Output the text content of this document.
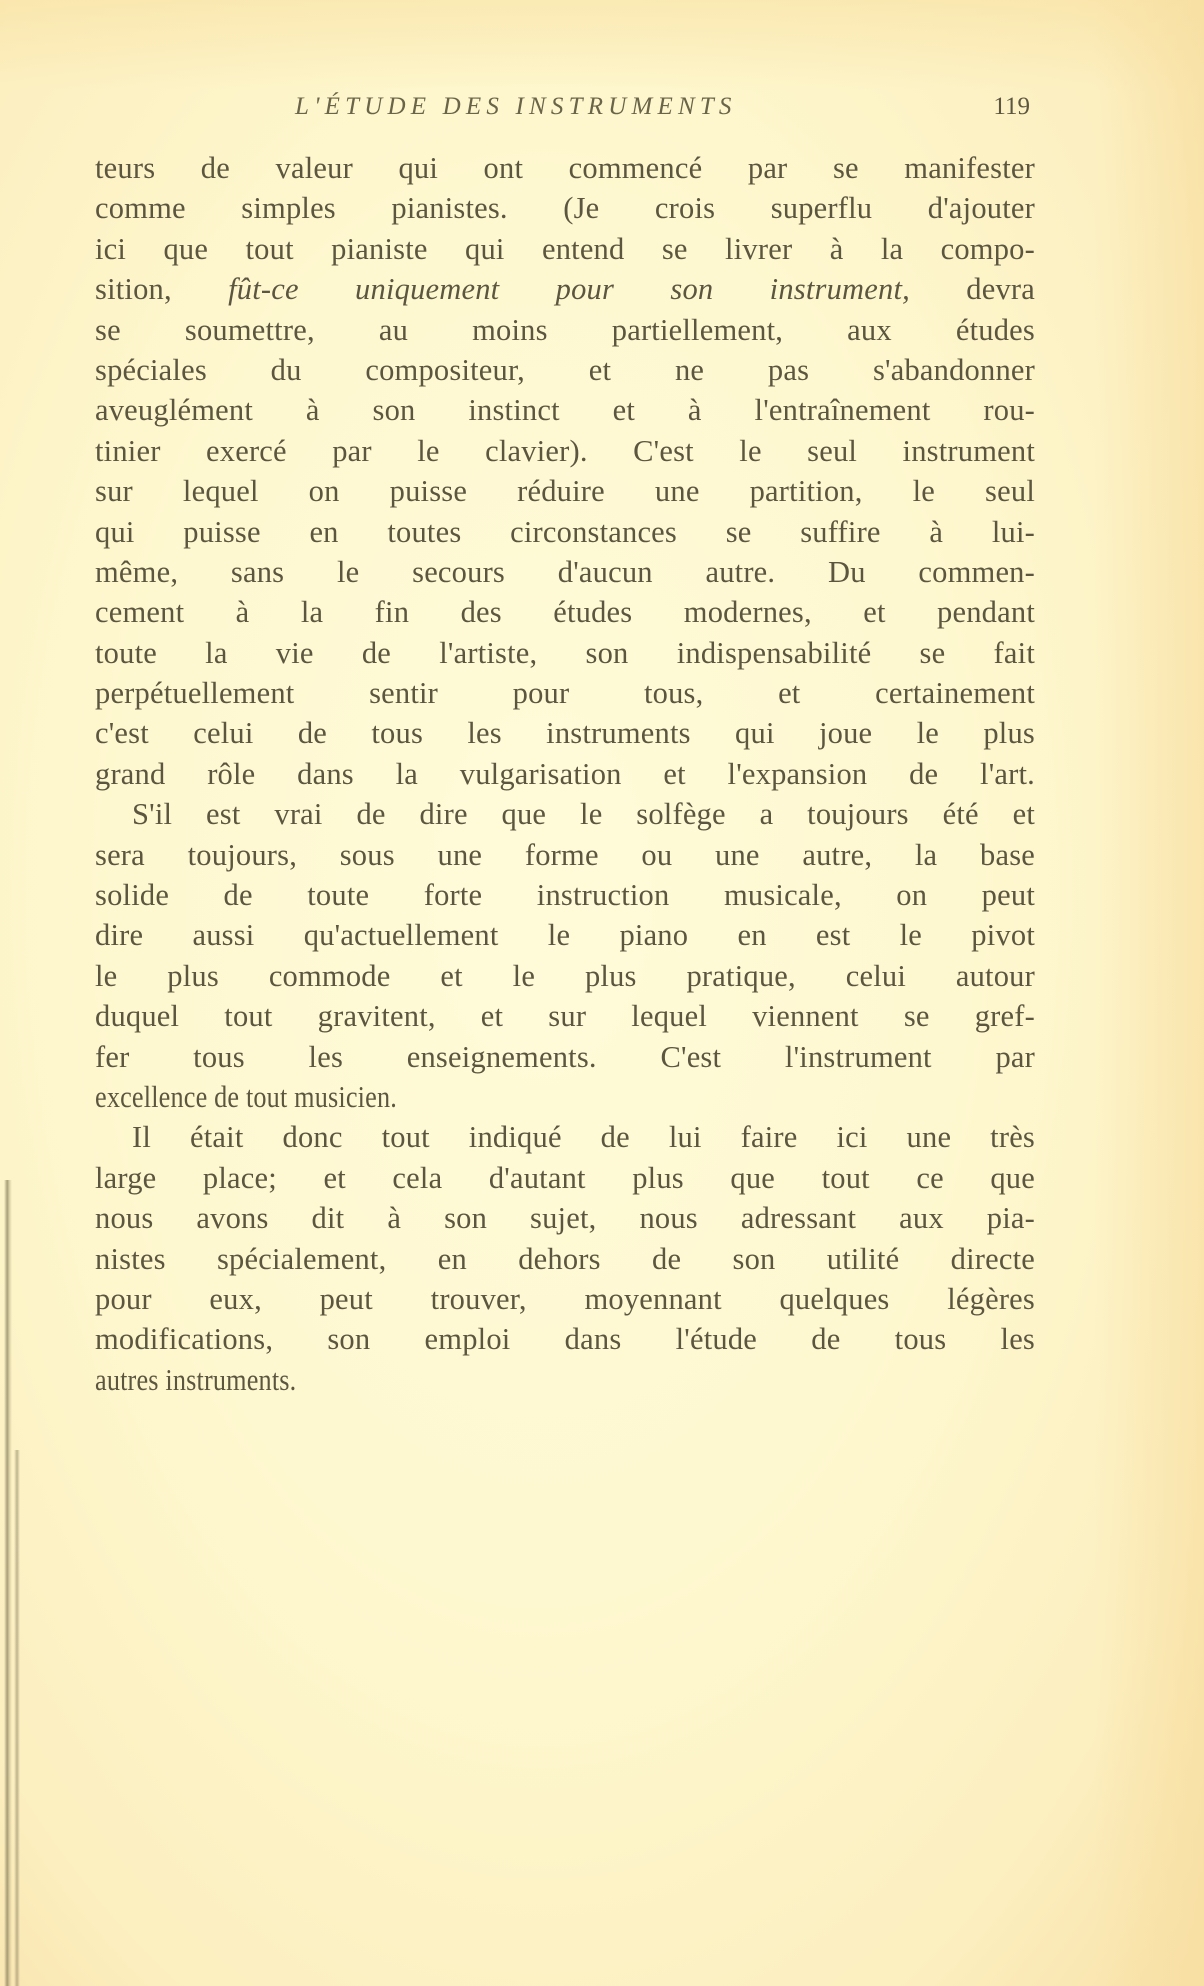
L'ÉTUDE DES INSTRUMENTS	119
teurs de valeur qui ont commencé par se manifester
comme simples pianistes. (Je crois superflu d'ajouter
ici que tout pianiste qui entend se livrer à la compo-
sition, fût-ce uniquement pour son instrument, devra
se soumettre, au moins partiellement, aux études
spéciales du compositeur, et ne pas s'abandonner
aveuglément à son instinct et à l'entraînement rou-
tinier exercé par le clavier). C'est le seul instrument
sur lequel on puisse réduire une partition, le seul
qui puisse en toutes circonstances se suffire à lui-
même, sans le secours d'aucun autre. Du commen-
cement à la fin des études modernes, et pendant
toute la vie de l'artiste, son indispensabilité se fait
perpétuellement sentir pour tous, et certainement
c'est celui de tous les instruments qui joue le plus
grand rôle dans la vulgarisation et l'expansion de l'art.
S'il est vrai de dire que le solfège a toujours été et
sera toujours, sous une forme ou une autre, la base
solide de toute forte instruction musicale, on peut
dire aussi qu'actuellement le piano en est le pivot
le plus commode et le plus pratique, celui autour
duquel tout gravitent, et sur lequel viennent se gref-
fer tous les enseignements. C'est l'instrument par
excellence de tout musicien.
Il était donc tout indiqué de lui faire ici une très
large place; et cela d'autant plus que tout ce que
nous avons dit à son sujet, nous adressant aux pia-
nistes spécialement, en dehors de son utilité directe
pour eux, peut trouver, moyennant quelques légères
modifications, son emploi dans l'étude de tous les
autres instruments.
